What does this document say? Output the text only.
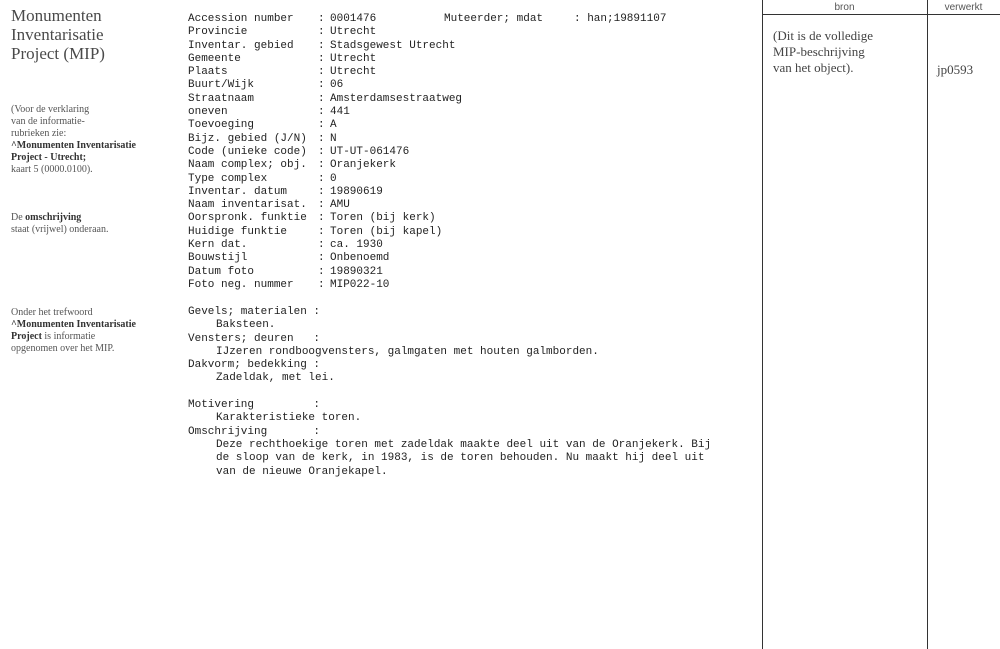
Monumenten
Inventarisatie
Project (MIP)
(Voor de verklaring
van de informatie-
rubrieken zie:
^Monumenten Inventarisatie
Project - Utrecht;
kaart 5 (0000.0100).
De omschrijving
staat (vrijwel) onderaan.
Onder het trefwoord
^Monumenten Inventarisatie
Project is informatie
opgenomen over het MIP.
Accession number	: 0001476
Provincie	: Utrecht
Inventar. gebied	: Stadsgewest Utrecht
Gemeente	: Utrecht
Plaats	: Utrecht
Buurt/Wijk	: 06
Straatnaam	: Amsterdamsestraatweg
oneven	: 441
Toevoeging	: A
Bijz. gebied (J/N)	: N
Code (unieke code)	: UT-UT-061476
Naam complex; obj.	: Oranjekerk
Type complex	: 0
Inventar. datum	: 19890619
Naam inventarisat.	: AMU
Oorspronk. funktie	: Toren (bij kerk)
Huidige funktie	: Toren (bij kapel)
Kern dat.	: ca. 1930
Bouwstijl	: Onbenoemd
Datum foto	: 19890321
Foto neg. nummer	: MIP022-10
Muteerder; mdat	: han;19891107
Gevels; materialen :
Baksteen.
Vensters; deuren   :
IJzeren rondboogvensters, galmgaten met houten galmborden.
Dakvorm; bedekking :
Zadeldak, met lei.
Motivering         :
Karakteristieke toren.
Omschrijving       :
Deze rechthoekige toren met zadeldak maakte deel uit van de Oranjekerk. Bij
de sloop van de kerk, in 1983, is de toren behouden. Nu maakt hij deel uit
van de nieuwe Oranjekapel.
bron	verwerkt
(Dit is de volledige
MIP-beschrijving
van het object).	jp0593
